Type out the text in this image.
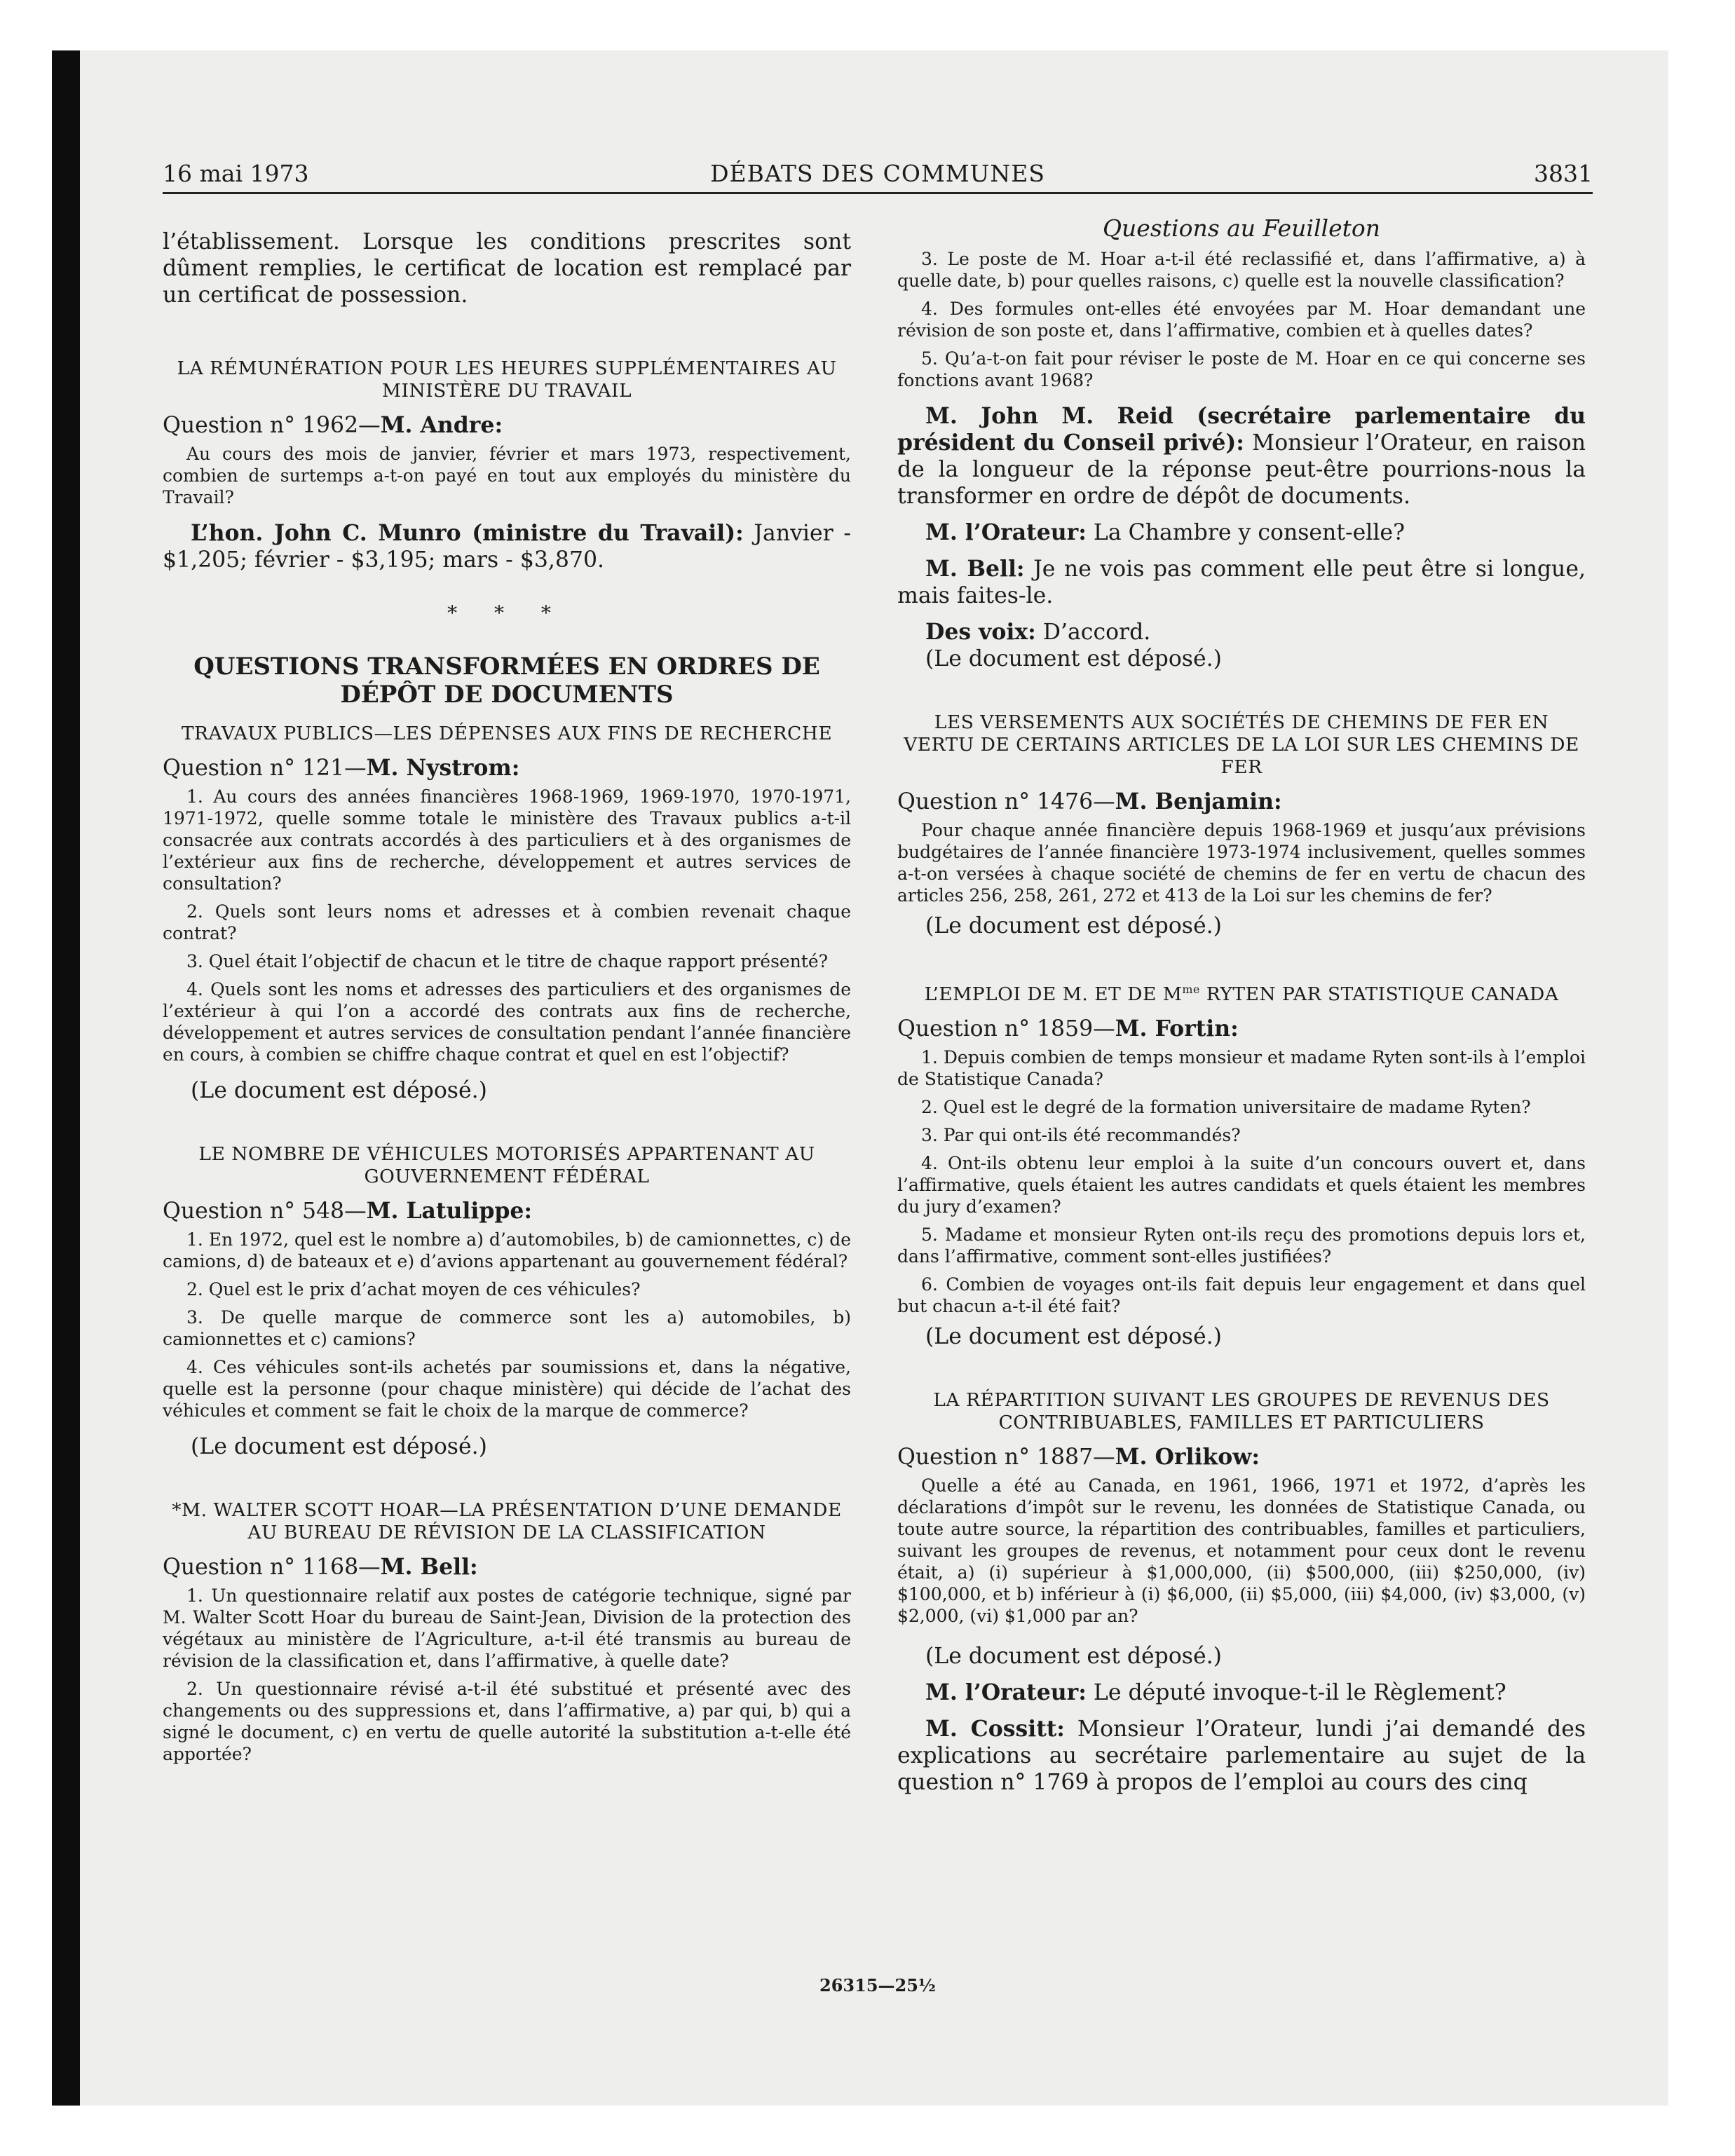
16 mai 1973	DÉBATS DES COMMUNES	3831

l’établissement. Lorsque les conditions prescrites sont dûment remplies, le certificat de location est remplacé par un certificat de possession.

LA RÉMUNÉRATION POUR LES HEURES SUPPLÉMENTAIRES AU MINISTÈRE DU TRAVAIL

Question n° 1962—M. Andre:

Au cours des mois de janvier, février et mars 1973, respectivement, combien de surtemps a-t-on payé en tout aux employés du ministère du Travail?

L’hon. John C. Munro (ministre du Travail): Janvier - $1,205; février - $3,195; mars - $3,870.

* * *

QUESTIONS TRANSFORMÉES EN ORDRES DE DÉPÔT DE DOCUMENTS

TRAVAUX PUBLICS—LES DÉPENSES AUX FINS DE RECHERCHE

Question n° 121—M. Nystrom:

1. Au cours des années financières 1968-1969, 1969-1970, 1970-1971, 1971-1972, quelle somme totale le ministère des Travaux publics a-t-il consacrée aux contrats accordés à des particuliers et à des organismes de l’extérieur aux fins de recherche, développement et autres services de consultation?

2. Quels sont leurs noms et adresses et à combien revenait chaque contrat?

3. Quel était l’objectif de chacun et le titre de chaque rapport présenté?

4. Quels sont les noms et adresses des particuliers et des organismes de l’extérieur à qui l’on a accordé des contrats aux fins de recherche, développement et autres services de consultation pendant l’année financière en cours, à combien se chiffre chaque contrat et quel en est l’objectif?

(Le document est déposé.)

LE NOMBRE DE VÉHICULES MOTORISÉS APPARTENANT AU GOUVERNEMENT FÉDÉRAL

Question n° 548—M. Latulippe:

1. En 1972, quel est le nombre a) d’automobiles, b) de camionnettes, c) de camions, d) de bateaux et e) d’avions appartenant au gouvernement fédéral?

2. Quel est le prix d’achat moyen de ces véhicules?

3. De quelle marque de commerce sont les a) automobiles, b) camionnettes et c) camions?

4. Ces véhicules sont-ils achetés par soumissions et, dans la négative, quelle est la personne (pour chaque ministère) qui décide de l’achat des véhicules et comment se fait le choix de la marque de commerce?

(Le document est déposé.)

*M. WALTER SCOTT HOAR—LA PRÉSENTATION D’UNE DEMANDE AU BUREAU DE RÉVISION DE LA CLASSIFICATION

Question n° 1168—M. Bell:

1. Un questionnaire relatif aux postes de catégorie technique, signé par M. Walter Scott Hoar du bureau de Saint-Jean, Division de la protection des végétaux au ministère de l’Agriculture, a-t-il été transmis au bureau de révision de la classification et, dans l’affirmative, à quelle date?

2. Un questionnaire révisé a-t-il été substitué et présenté avec des changements ou des suppressions et, dans l’affirmative, a) par qui, b) qui a signé le document, c) en vertu de quelle autorité la substitution a-t-elle été apportée?

Questions au Feuilleton

3. Le poste de M. Hoar a-t-il été reclassifié et, dans l’affirmative, a) à quelle date, b) pour quelles raisons, c) quelle est la nouvelle classification?

4. Des formules ont-elles été envoyées par M. Hoar demandant une révision de son poste et, dans l’affirmative, combien et à quelles dates?

5. Qu’a-t-on fait pour réviser le poste de M. Hoar en ce qui concerne ses fonctions avant 1968?

M. John M. Reid (secrétaire parlementaire du président du Conseil privé): Monsieur l’Orateur, en raison de la longueur de la réponse peut-être pourrions-nous la transformer en ordre de dépôt de documents.

M. l’Orateur: La Chambre y consent-elle?

M. Bell: Je ne vois pas comment elle peut être si longue, mais faites-le.

Des voix: D’accord.

(Le document est déposé.)

LES VERSEMENTS AUX SOCIÉTÉS DE CHEMINS DE FER EN VERTU DE CERTAINS ARTICLES DE LA LOI SUR LES CHEMINS DE FER

Question n° 1476—M. Benjamin:

Pour chaque année financière depuis 1968-1969 et jusqu’aux prévisions budgétaires de l’année financière 1973-1974 inclusivement, quelles sommes a-t-on versées à chaque société de chemins de fer en vertu de chacun des articles 256, 258, 261, 272 et 413 de la Loi sur les chemins de fer?

(Le document est déposé.)

L’EMPLOI DE M. ET DE $M^{me}$ RYTEN PAR STATISTIQUE CANADA

Question n° 1859—M. Fortin:

1. Depuis combien de temps monsieur et madame Ryten sont-ils à l’emploi de Statistique Canada?

2. Quel est le degré de la formation universitaire de madame Ryten?

3. Par qui ont-ils été recommandés?

4. Ont-ils obtenu leur emploi à la suite d’un concours ouvert et, dans l’affirmative, quels étaient les autres candidats et quels étaient les membres du jury d’examen?

5. Madame et monsieur Ryten ont-ils reçu des promotions depuis lors et, dans l’affirmative, comment sont-elles justifiées?

6. Combien de voyages ont-ils fait depuis leur engagement et dans quel but chacun a-t-il été fait?

(Le document est déposé.)

LA RÉPARTITION SUIVANT LES GROUPES DE REVENUS DES CONTRIBUABLES, FAMILLES ET PARTICULIERS

Question n° 1887—M. Orlikow:

Quelle a été au Canada, en 1961, 1966, 1971 et 1972, d’après les déclarations d’impôt sur le revenu, les données de Statistique Canada, ou toute autre source, la répartition des contribuables, familles et particuliers, suivant les groupes de revenus, et notamment pour ceux dont le revenu était, a) (i) supérieur à $1,000,000, (ii) $500,000, (iii) $250,000, (iv) $100,000, et b) inférieur à (i) $6,000, (ii) $5,000, (iii) $4,000, (iv) $3,000, (v) $2,000, (vi) $1,000 par an?

(Le document est déposé.)

M. l’Orateur: Le député invoque-t-il le Règlement?

M. Cossitt: Monsieur l’Orateur, lundi j’ai demandé des explications au secrétaire parlementaire au sujet de la question n° 1769 à propos de l’emploi au cours des cinq

26315—25½
